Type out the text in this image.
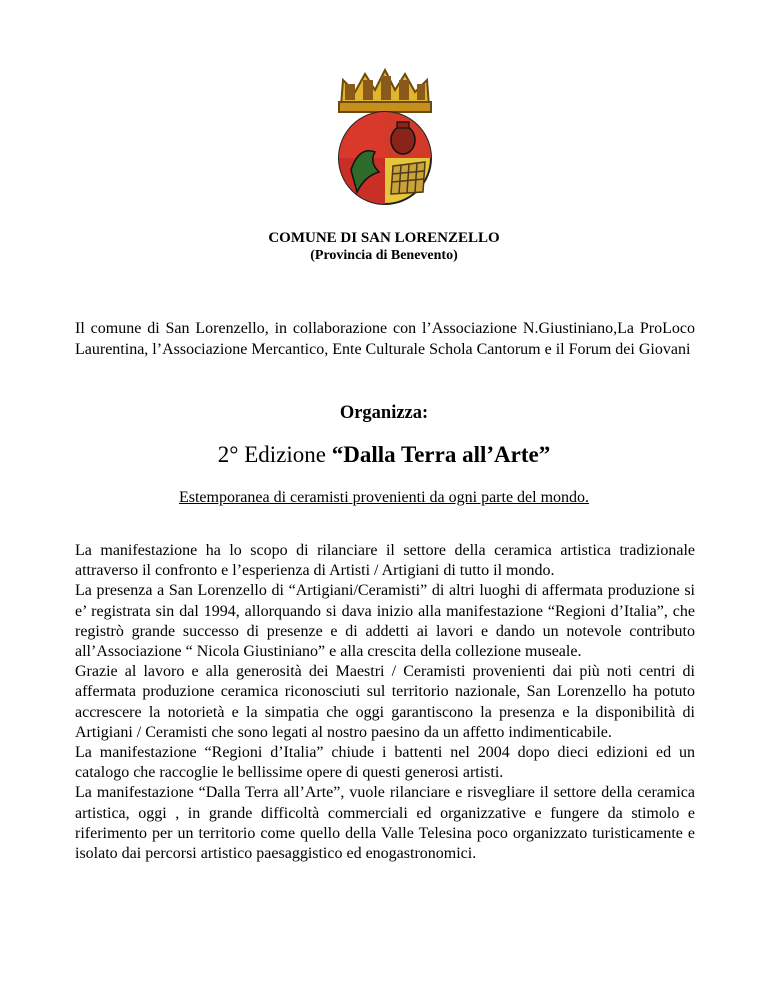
COMUNE DI SAN LORENZELLO
(Provincia di Benevento)
Il comune di San Lorenzello, in collaborazione con l’Associazione N.Giustiniano,La ProLoco Laurentina, l’Associazione Mercantico, Ente Culturale Schola Cantorum e il Forum dei Giovani
Organizza:
2° Edizione “Dalla Terra all’Arte”
Estemporanea di ceramisti provenienti da ogni parte del mondo.

La manifestazione ha lo scopo di rilanciare il settore della ceramica artistica tradizionale attraverso il confronto e l’esperienza di Artisti / Artigiani di tutto il mondo.

La presenza a San Lorenzello di “Artigiani/Ceramisti” di altri luoghi di affermata produzione si e’ registrata sin dal 1994, allorquando si dava inizio alla manifestazione “Regioni d’Italia”, che registrò grande successo di presenze e di addetti ai lavori e dando un notevole contributo all’Associazione “ Nicola Giustiniano” e alla crescita della collezione museale.

Grazie al lavoro e alla generosità dei Maestri / Ceramisti provenienti dai più noti centri di affermata produzione ceramica riconosciuti sul territorio nazionale, San Lorenzello ha potuto accrescere la notorietà e la simpatia che oggi garantiscono la presenza e la disponibilità di Artigiani / Ceramisti che sono legati al nostro paesino da un affetto indimenticabile.

La manifestazione “Regioni d’Italia” chiude i battenti nel 2004 dopo dieci edizioni ed un catalogo che raccoglie le bellissime opere di questi generosi artisti.

La manifestazione “Dalla Terra all’Arte”, vuole rilanciare e risvegliare il settore della ceramica artistica, oggi , in grande difficoltà commerciali ed organizzative e fungere da stimolo e riferimento per un territorio come quello della Valle Telesina poco organizzato turisticamente e isolato dai percorsi artistico paesaggistico ed enogastronomici.
